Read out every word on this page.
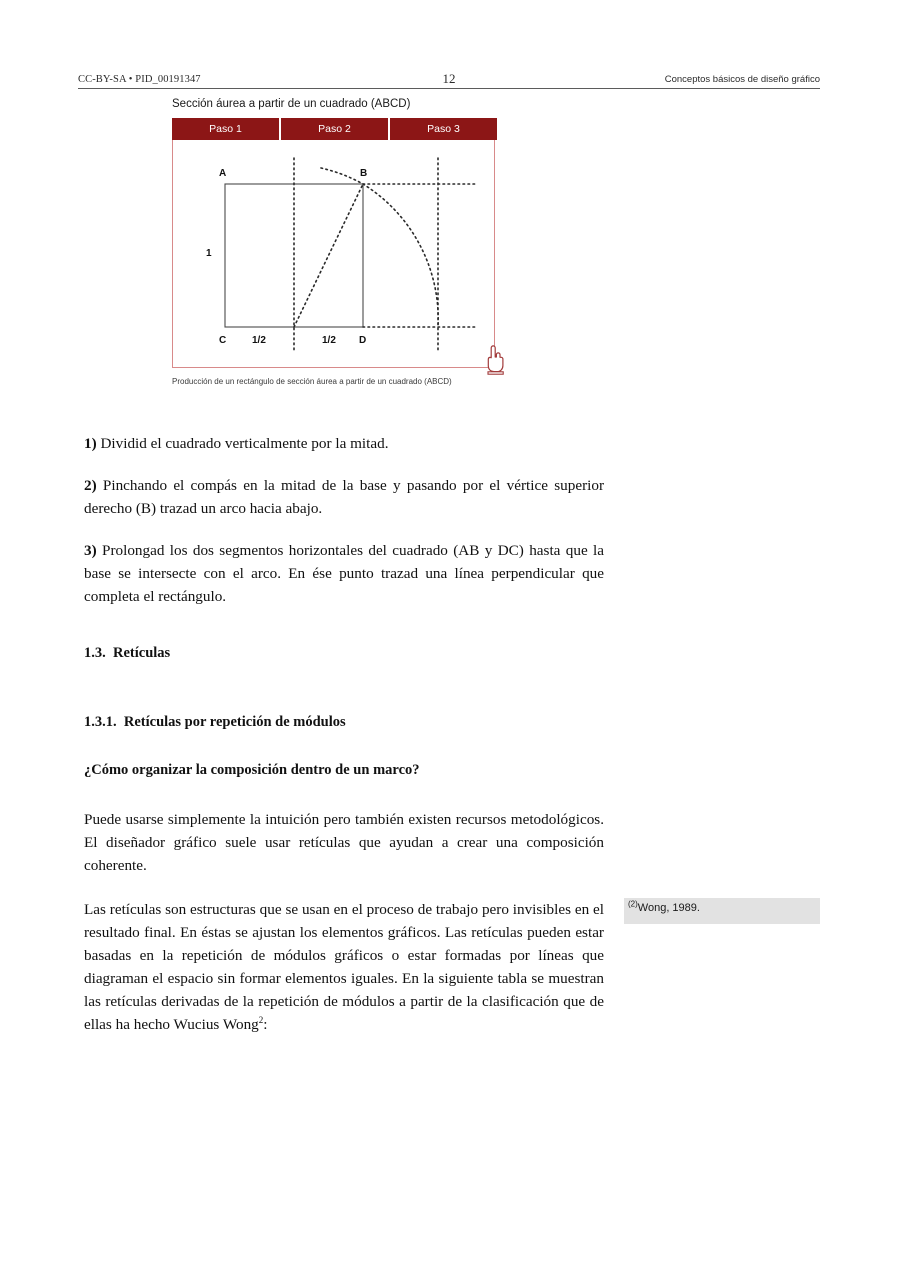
CC-BY-SA • PID_00191347	12	Conceptos básicos de diseño gráfico
Sección áurea a partir de un cuadrado (ABCD)
Paso 1	Paso 2	Paso 3
A	B
C	D
1
1/2	1/2
Producción de un rectángulo de sección áurea a partir de un cuadrado (ABCD)

1) Dividid el cuadrado verticalmente por la mitad.

2) Pinchando el compás en la mitad de la base y pasando por el vértice superior derecho (B) trazad un arco hacia abajo.

3) Prolongad los dos segmentos horizontales del cuadrado (AB y DC) hasta que la base se intersecte con el arco. En ése punto trazad una línea perpendicular que completa el rectángulo.

1.3. Retículas
1.3.1. Retículas por repetición de módulos

¿Cómo organizar la composición dentro de un marco?

Puede usarse simplemente la intuición pero también existen recursos metodológicos. El diseñador gráfico suele usar retículas que ayudan a crear una composición coherente.

Las retículas son estructuras que se usan en el proceso de trabajo pero invisibles en el resultado final. En éstas se ajustan los elementos gráficos. Las retículas pueden estar basadas en la repetición de módulos gráficos o estar formadas por líneas que diagraman el espacio sin formar elementos iguales. En la siguiente tabla se muestran las retículas derivadas de la repetición de módulos a partir de la clasificación que de ellas ha hecho Wucius Wong$^2$:

$^{(2)}$Wong, 1989.
